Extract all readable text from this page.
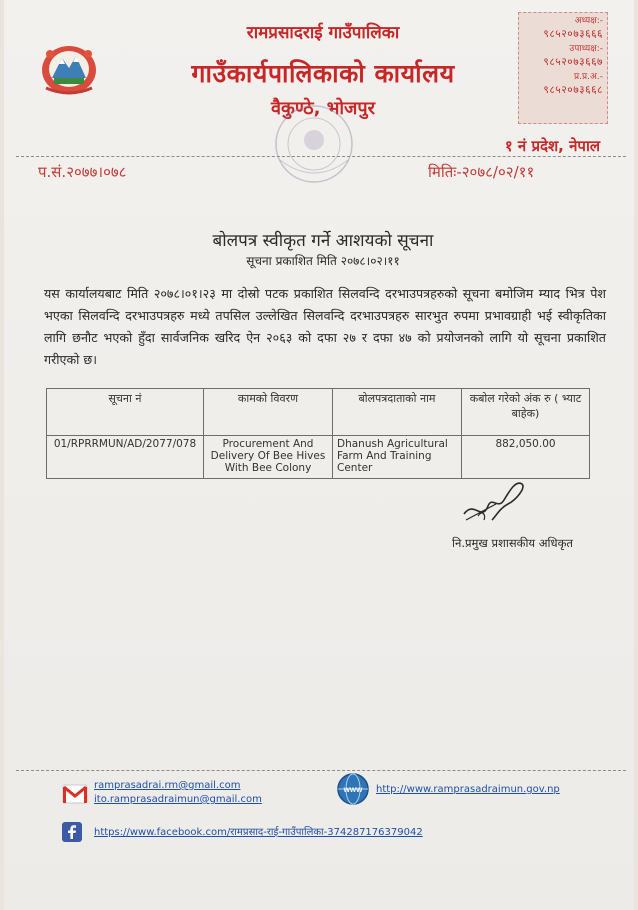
रामप्रसादराई गाउँपालिका
गाउँकार्यपालिकाको कार्यालय
वैकुण्ठे, भोजपुर
१ नं प्रदेश, नेपाल
अध्यक्ष:-
९८५२०७३६६६
उपाध्यक्ष:-
९८५२०७३६६७
प्र.प्र.अ.-
९८५२०७३६६८
प.सं.२०७७।०७८	मितिः-२०७८/०२/११
बोलपत्र स्वीकृत गर्ने आशयको सूचना
सूचना प्रकाशित मिति २०७८।०२।११
यस कार्यालयबाट मिति २०७८।०१।२३ मा दोस्रो पटक प्रकाशित सिलवन्दि दरभाउपत्रहरुको सूचना बमोजिम म्याद भित्र पेश भएका सिलवन्दि दरभाउपत्रहरु मध्ये तपसिल उल्लेखित सिलवन्दि दरभाउपत्रहरु सारभुत रुपमा प्रभावग्राही भई स्वीकृतिका लागि छनौट भएको हुँदा सार्वजनिक खरिद ऐन २०६३ को दफा २७ र दफा ४७ को प्रयोजनको लागि यो सूचना प्रकाशित गरीएको छ।
सूचना नं	कामको विवरण	बोलपत्रदाताको नाम	कबोल गरेको अंक रु ( भ्याट बाहेक)
01/RPRRMUN/AD/2077/078	Procurement And Delivery Of Bee Hives With Bee Colony	Dhanush Agricultural Farm And Training Center	882,050.00
नि.प्रमुख प्रशासकीय अधिकृत
ramprasadrai.rm@gmail.com
ito.ramprasadraimun@gmail.com
www http://www.ramprasadraimun.gov.np
https://www.facebook.com/रामप्रसाद-राई-गाउँपालिका-374287176379042
